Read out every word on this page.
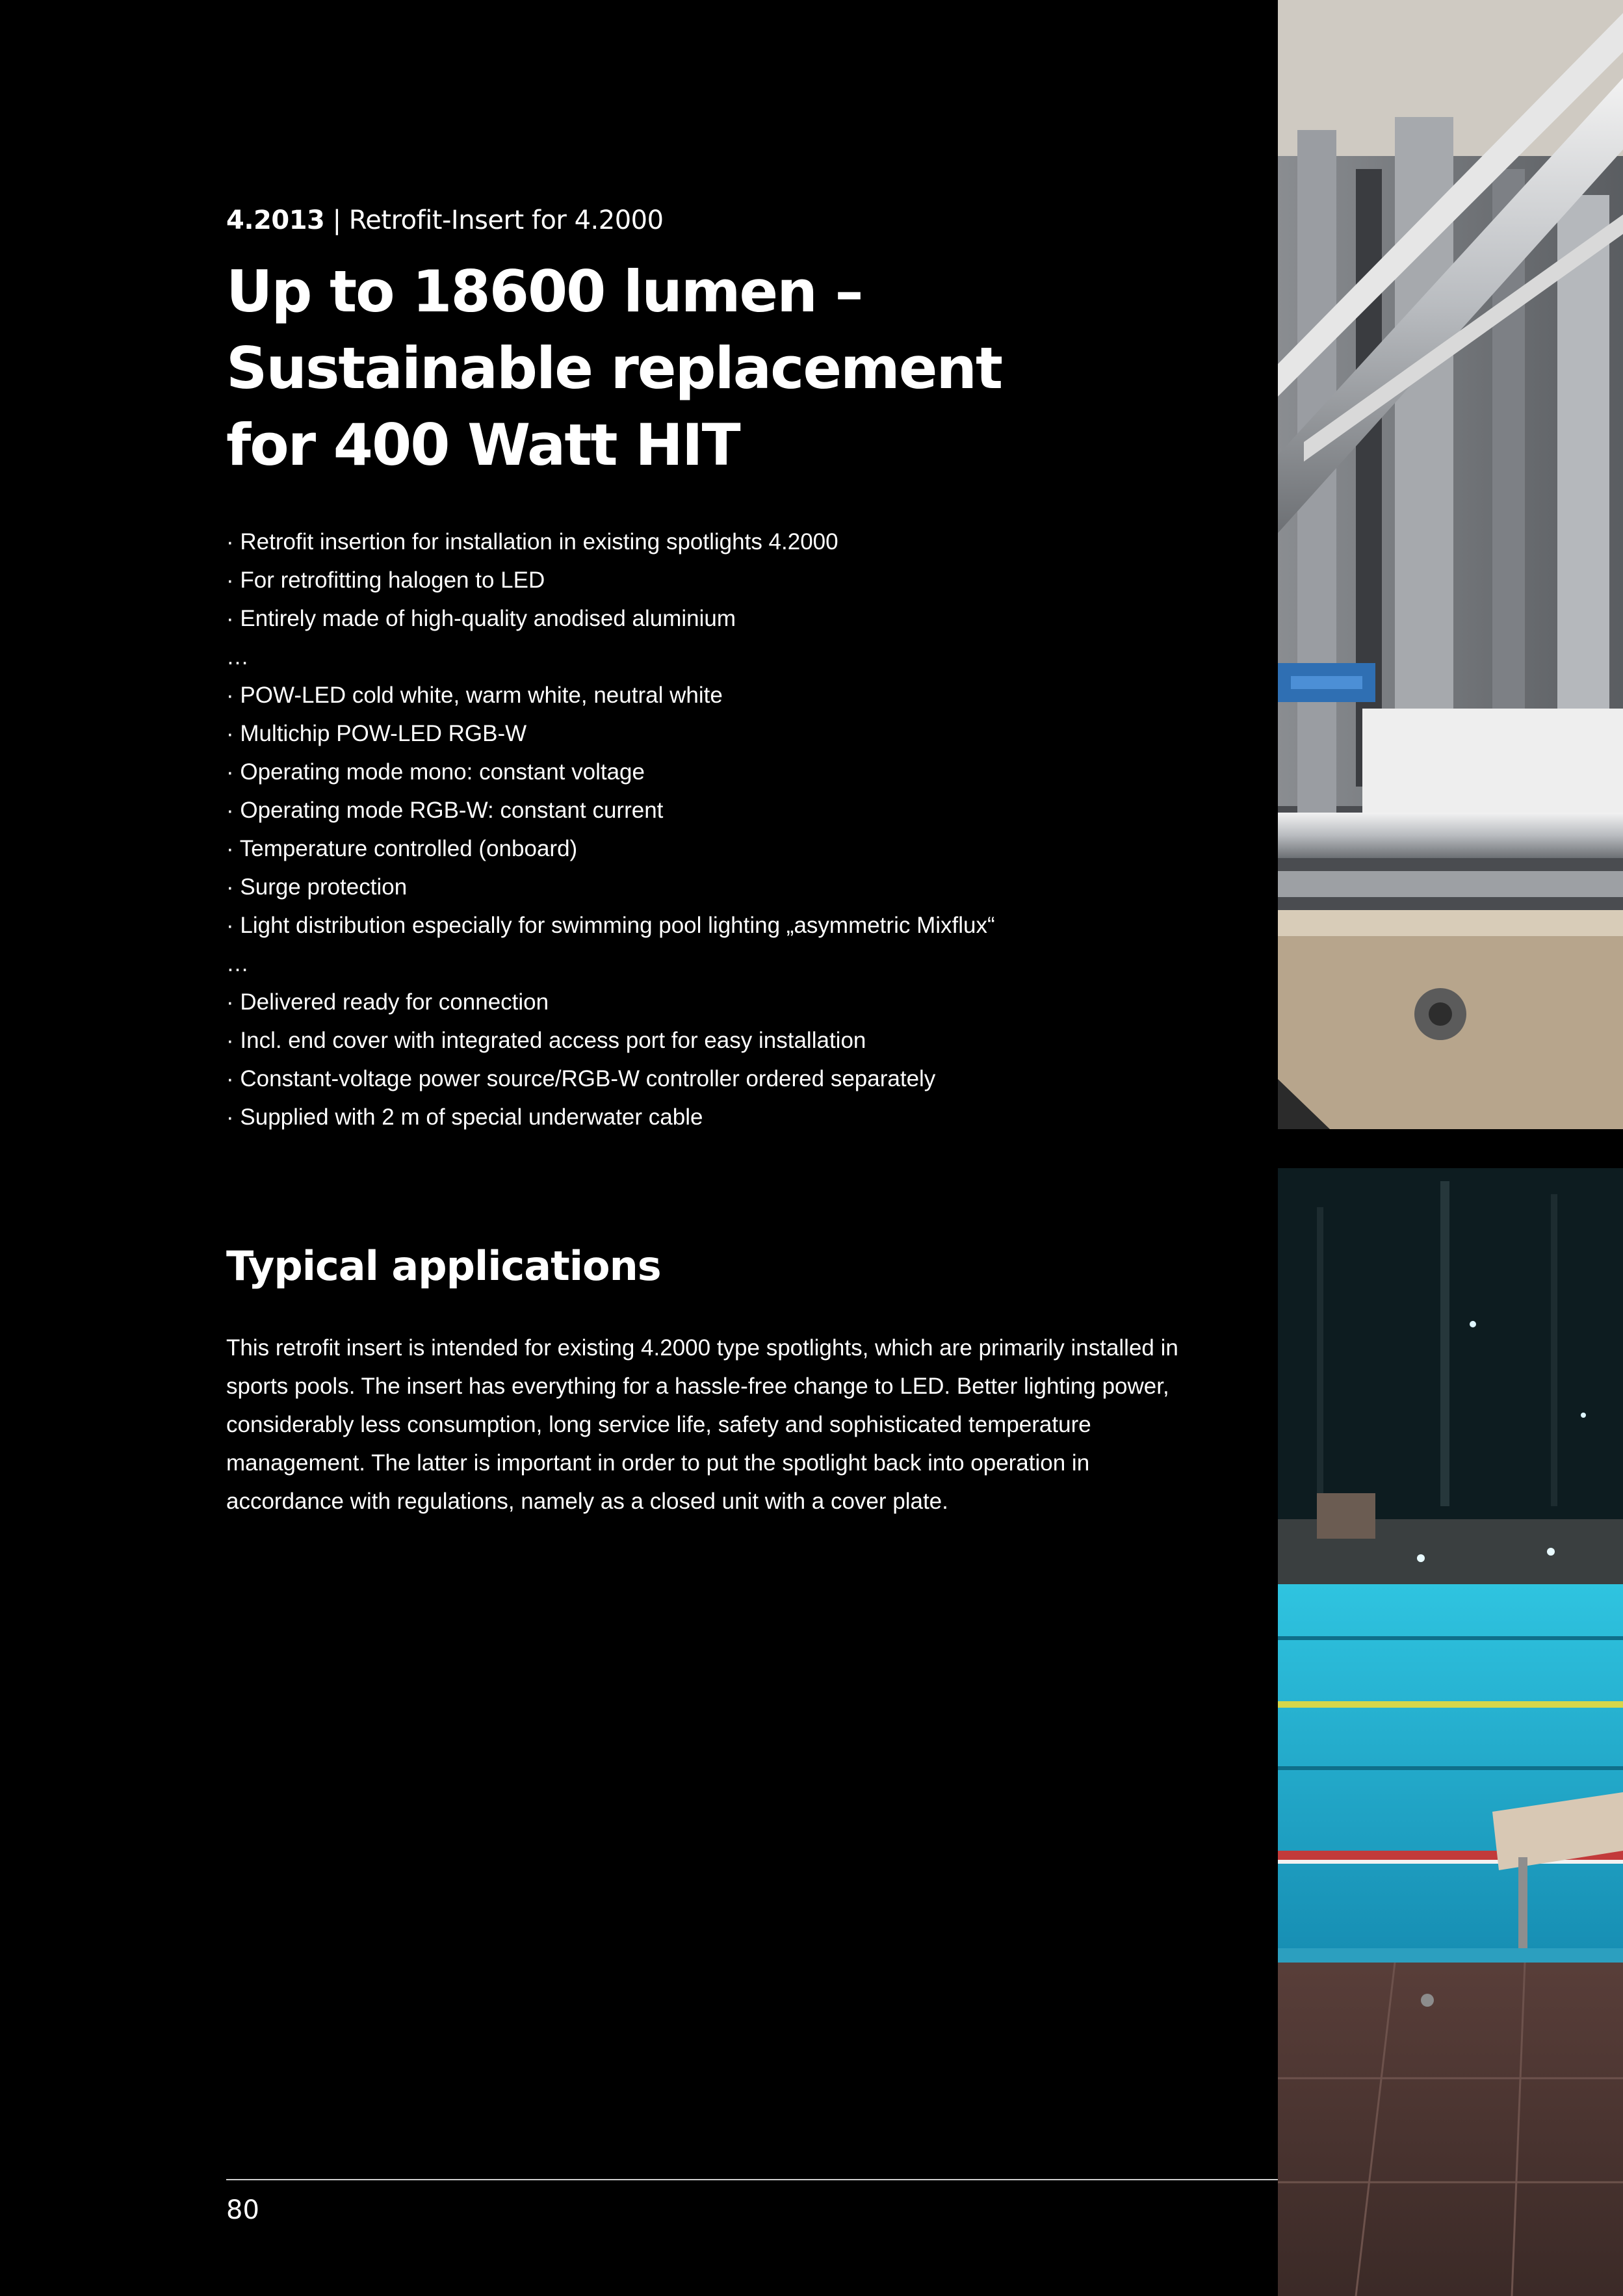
4.2013 | Retrofit-Insert for 4.2000
Up to 18600 lumen –
Sustainable replacement
for 400 Watt HIT
· Retrofit insertion for installation in existing spotlights 4.2000
· For retrofitting halogen to LED
· Entirely made of high-quality anodised aluminium
…
· POW-LED cold white, warm white, neutral white
· Multichip POW-LED RGB-W
· Operating mode mono: constant voltage
· Operating mode RGB-W: constant current
· Temperature controlled (onboard)
· Surge protection
· Light distribution especially for swimming pool lighting „asymmetric Mixflux“
…
· Delivered ready for connection
· Incl. end cover with integrated access port for easy installation
· Constant-voltage power source/RGB-W controller ordered separately
· Supplied with 2 m of special underwater cable
Typical applications

This retrofit insert is intended for existing 4.2000 type spotlights, which are primarily installed in sports pools. The insert has everything for a hassle-free change to LED. Better lighting power, considerably less consumption, long service life, safety and sophisticated temperature management. The latter is important in order to put the spotlight back into operation in accordance with regulations, namely as a closed unit with a cover plate.

80
